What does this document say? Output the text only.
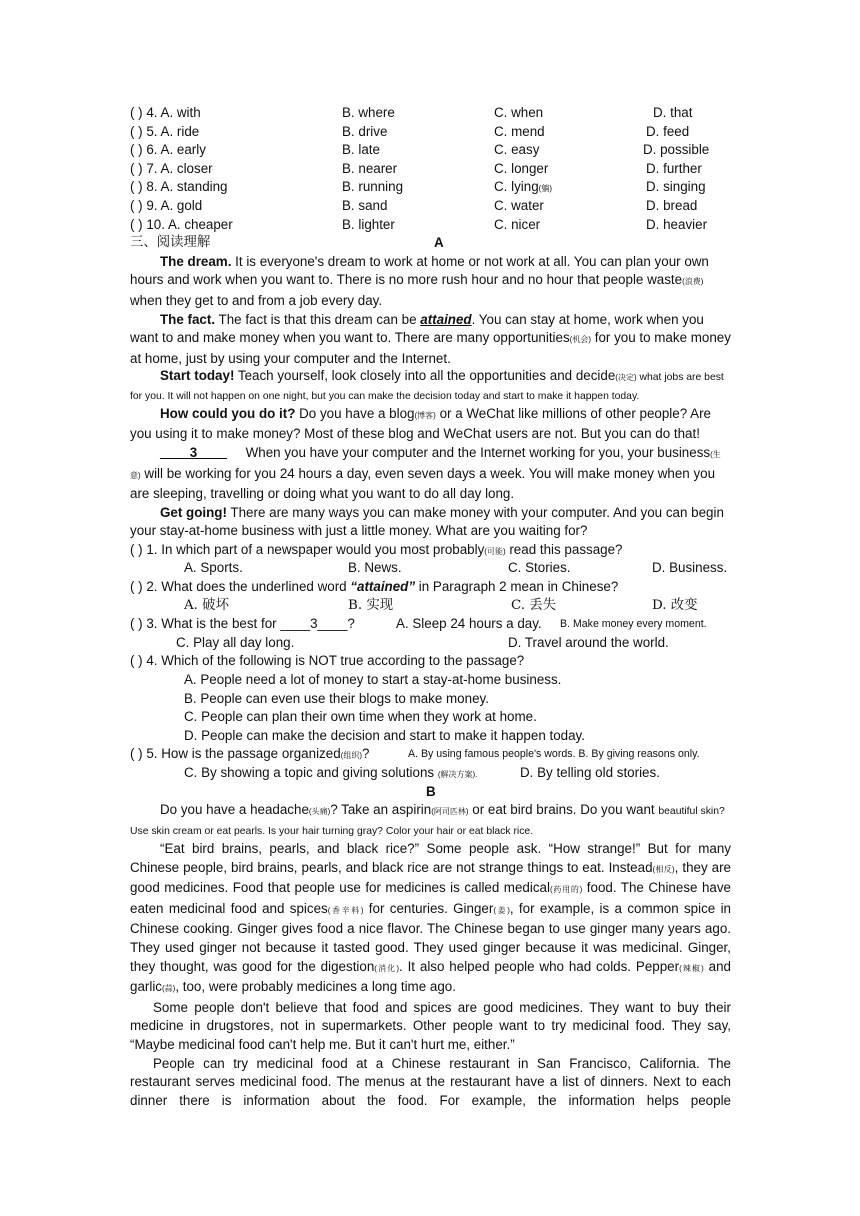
( ) 4. A. with	B. where	C. when	D. that
( ) 5. A. ride	B. drive	C. mend	D. feed
( ) 6. A. early	B. late	C. easy	D. possible
( ) 7. A. closer	B. nearer	C. longer	D. further
( ) 8. A. standing	B. running	C. lying(躺)	D. singing
( ) 9. A. gold	B. sand	C. water	D. bread
( ) 10. A. cheaper	B. lighter	C. nicer	D. heavier
三、阅读理解	A

The dream. It is everyone's dream to work at home or not work at all. You can plan your own hours and work when you want to. There is no more rush hour and no hour that people waste(浪费) when they get to and from a job every day.

The fact. The fact is that this dream can be attained. You can stay at home, work when you want to and make money when you want to. There are many opportunities(机会) for you to make money at home, just by using your computer and the Internet.

Start today! Teach yourself, look closely into all the opportunities and decide(决定) what jobs are best for you. It will not happen on one night, but you can make the decision today and start to make it happen today.

How could you do it? Do you have a blog(博客) or a WeChat like millions of other people? Are you using it to make money? Most of these blog and WeChat users are not. But you can do that!

____3____     When you have your computer and the Internet working for you, your business(生意) will be working for you 24 hours a day, even seven days a week. You will make money when you are sleeping, travelling or doing what you want to do all day long.

Get going! There are many ways you can make money with your computer. And you can begin your stay-at-home business with just a little money. What are you waiting for?

( ) 1. In which part of a newspaper would you most probably(可能) read this passage?
A. Sports.	B. News.	C. Stories.	D. Business.
( ) 2. What does the underlined word “attained” in Paragraph 2 mean in Chinese?
A. 破坏	B. 实现	C. 丢失	D. 改变
( ) 3. What is the best for ____3____?	A. Sleep 24 hours a day. B. Make money every moment.
C. Play all day long.	D. Travel around the world.
( ) 4. Which of the following is NOT true according to the passage?
A. People need a lot of money to start a stay-at-home business.
B. People can even use their blogs to make money.
C. People can plan their own time when they work at home.
D. People can make the decision and start to make it happen today.
( ) 5. How is the passage organized(组织)?	A. By using famous people's words. B. By giving reasons only.
C. By showing a topic and giving solutions (解决方案).	D. By telling old stories.
B

Do you have a headache(头痛)? Take an aspirin(阿司匹林) or eat bird brains. Do you want beautiful skin? Use skin cream or eat pearls. Is your hair turning gray? Color your hair or eat black rice.

“Eat bird brains, pearls, and black rice?” Some people ask. “How strange!” But for many Chinese people, bird brains, pearls, and black rice are not strange things to eat. Instead(相反), they are good medicines. Food that people use for medicines is called medical(药用的) food. The Chinese have eaten medicinal food and spices(香辛料) for centuries. Ginger(姜), for example, is a common spice in Chinese cooking. Ginger gives food a nice flavor. The Chinese began to use ginger many years ago. They used ginger not because it tasted good. They used ginger because it was medicinal. Ginger, they thought, was good for the digestion(消化). It also helped people who had colds. Pepper(辣椒) and garlic(蒜), too, were probably medicines a long time ago.

Some people don't believe that food and spices are good medicines. They want to buy their medicine in drugstores, not in supermarkets. Other people want to try medicinal food. They say, “Maybe medicinal food can't help me. But it can't hurt me, either.”

People can try medicinal food at a Chinese restaurant in San Francisco, California. The restaurant serves medicinal food. The menus at the restaurant have a list of dinners. Next to each dinner there is information about the food. For example, the information helps people
